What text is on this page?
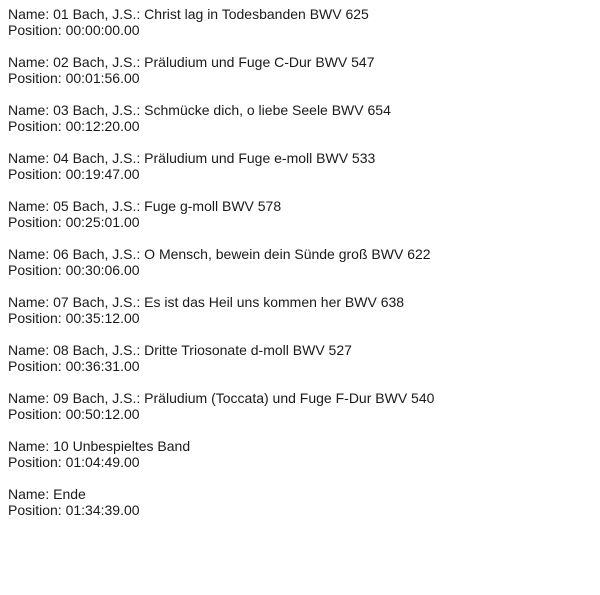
Name: 01 Bach, J.S.: Christ lag in Todesbanden BWV 625
Position: 00:00:00.00
Name: 02 Bach, J.S.: Präludium und Fuge C-Dur BWV 547
Position: 00:01:56.00
Name: 03 Bach, J.S.: Schmücke dich, o liebe Seele BWV 654
Position: 00:12:20.00
Name: 04 Bach, J.S.: Präludium und Fuge e-moll BWV 533
Position: 00:19:47.00
Name: 05 Bach, J.S.: Fuge g-moll BWV 578
Position: 00:25:01.00
Name: 06 Bach, J.S.: O Mensch, bewein dein Sünde groß BWV 622
Position: 00:30:06.00
Name: 07 Bach, J.S.: Es ist das Heil uns kommen her BWV 638
Position: 00:35:12.00
Name: 08 Bach, J.S.: Dritte Triosonate d-moll BWV 527
Position: 00:36:31.00
Name: 09 Bach, J.S.: Präludium (Toccata) und Fuge F-Dur BWV 540
Position: 00:50:12.00
Name: 10 Unbespieltes Band
Position: 01:04:49.00
Name: Ende
Position: 01:34:39.00
